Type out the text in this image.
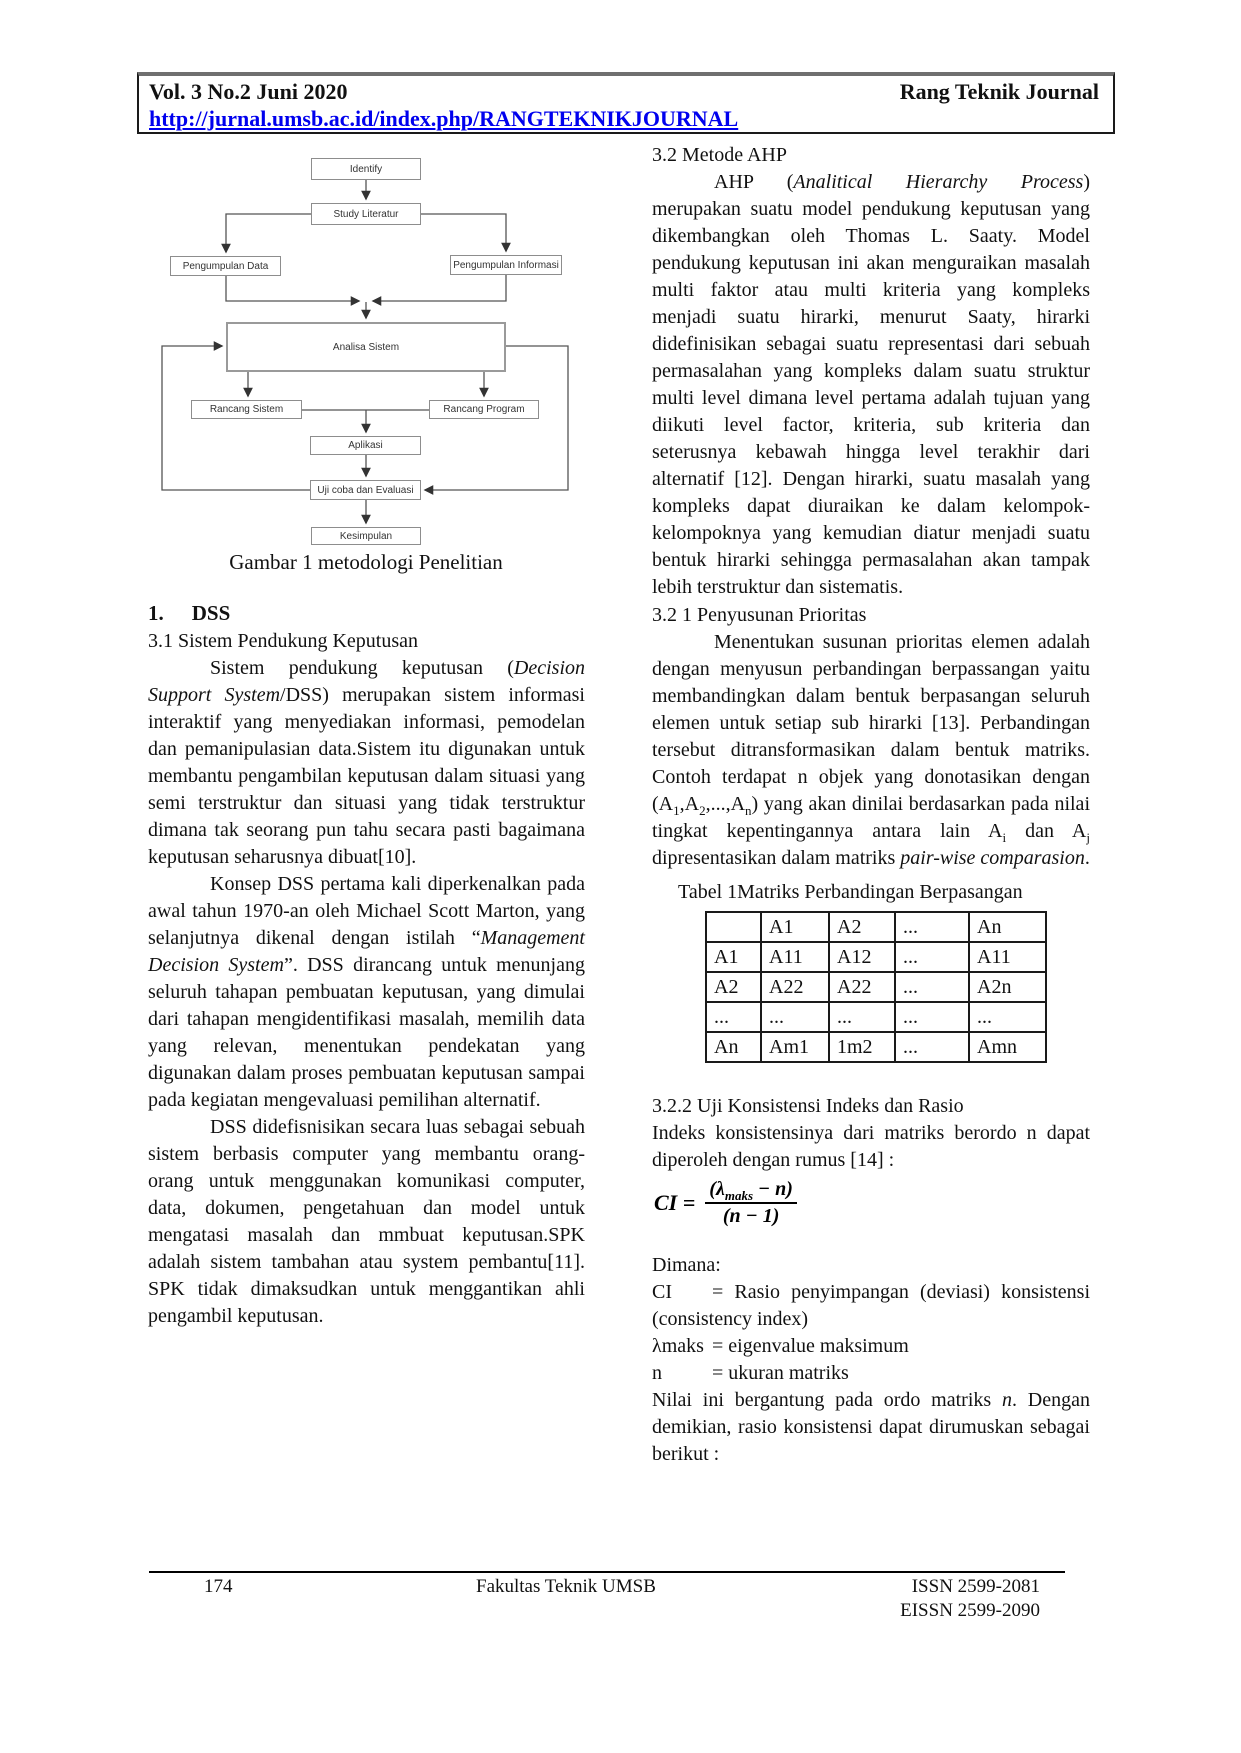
Vol. 3 No.2 Juni 2020	Rang Teknik Journal
http://jurnal.umsb.ac.id/index.php/RANGTEKNIKJOURNAL
Identify
Study Literatur
Pengumpulan Data	Pengumpulan Informasi
Analisa Sistem
Rancang Sistem	Rancang Program
Aplikasi
Uji coba dan Evaluasi
Kesimpulan
Gambar 1 metodologi Penelitian
1. DSS
3.1 Sistem Pendukung Keputusan

Sistem pendukung keputusan (Decision Support System/DSS) merupakan sistem informasi interaktif yang menyediakan informasi, pemodelan dan pemanipulasian data.Sistem itu digunakan untuk membantu pengambilan keputusan dalam situasi yang semi terstruktur dan situasi yang tidak terstruktur dimana tak seorang pun tahu secara pasti bagaimana keputusan seharusnya dibuat[10].

Konsep DSS pertama kali diperkenalkan pada awal tahun 1970-an oleh Michael Scott Marton, yang selanjutnya dikenal dengan istilah “Management Decision System”. DSS dirancang untuk menunjang seluruh tahapan pembuatan keputusan, yang dimulai dari tahapan mengidentifikasi masalah, memilih data yang relevan, menentukan pendekatan yang digunakan dalam proses pembuatan keputusan sampai pada kegiatan mengevaluasi pemilihan alternatif.

DSS didefisnisikan secara luas sebagai sebuah sistem berbasis computer yang membantu orang-orang untuk menggunakan komunikasi computer, data, dokumen, pengetahuan dan model untuk mengatasi masalah dan mmbuat keputusan.SPK adalah sistem tambahan atau system pembantu[11]. SPK tidak dimaksudkan untuk menggantikan ahli pengambil keputusan.

3.2 Metode AHP

AHP (Analitical Hierarchy Process) merupakan suatu model pendukung keputusan yang dikembangkan oleh Thomas L. Saaty. Model pendukung keputusan ini akan menguraikan masalah multi faktor atau multi kriteria yang kompleks menjadi suatu hirarki, menurut Saaty, hirarki didefinisikan sebagai suatu representasi dari sebuah permasalahan yang kompleks dalam suatu struktur multi level dimana level pertama adalah tujuan yang diikuti level factor, kriteria, sub kriteria dan seterusnya kebawah hingga level terakhir dari alternatif [12]. Dengan hirarki, suatu masalah yang kompleks dapat diuraikan ke dalam kelompok-kelompoknya yang kemudian diatur menjadi suatu bentuk hirarki sehingga permasalahan akan tampak lebih terstruktur dan sistematis.

3.2 1 Penyusunan Prioritas

Menentukan susunan prioritas elemen adalah dengan menyusun perbandingan berpassangan yaitu membandingkan dalam bentuk berpasangan seluruh elemen untuk setiap sub hirarki [13]. Perbandingan tersebut ditransformasikan dalam bentuk matriks. Contoh terdapat n objek yang donotasikan dengan $(A_1,A_2,...,A_n)$ yang akan dinilai berdasarkan pada nilai tingkat kepentingannya antara lain $A_i$ dan $A_j$ dipresentasikan dalam matriks pair-wise comparasion.

Tabel 1Matriks Perbandingan Berpasangan
	A1	A2	...	An
A1	A11	A12	...	A11
A2	A22	A22	...	A2n
...	...	...	...	...
An	Am1	1m2	...	Amn
3.2.2 Uji Konsistensi Indeks dan Rasio

Indeks konsistensinya dari matriks berordo n dapat diperoleh dengan rumus [14] :

CI = $\frac{(\lambda_{maks} - n)}{(n - 1)}$

Dimana:

CI = Rasio penyimpangan (deviasi) konsistensi (consistency index)
λmaks = eigenvalue maksimum
n	= ukuran matriks

Nilai ini bergantung pada ordo matriks n. Dengan demikian, rasio konsistensi dapat dirumuskan sebagai berikut :

174	Fakultas Teknik UMSB	ISSN 2599-2081
EISSN 2599-2090
